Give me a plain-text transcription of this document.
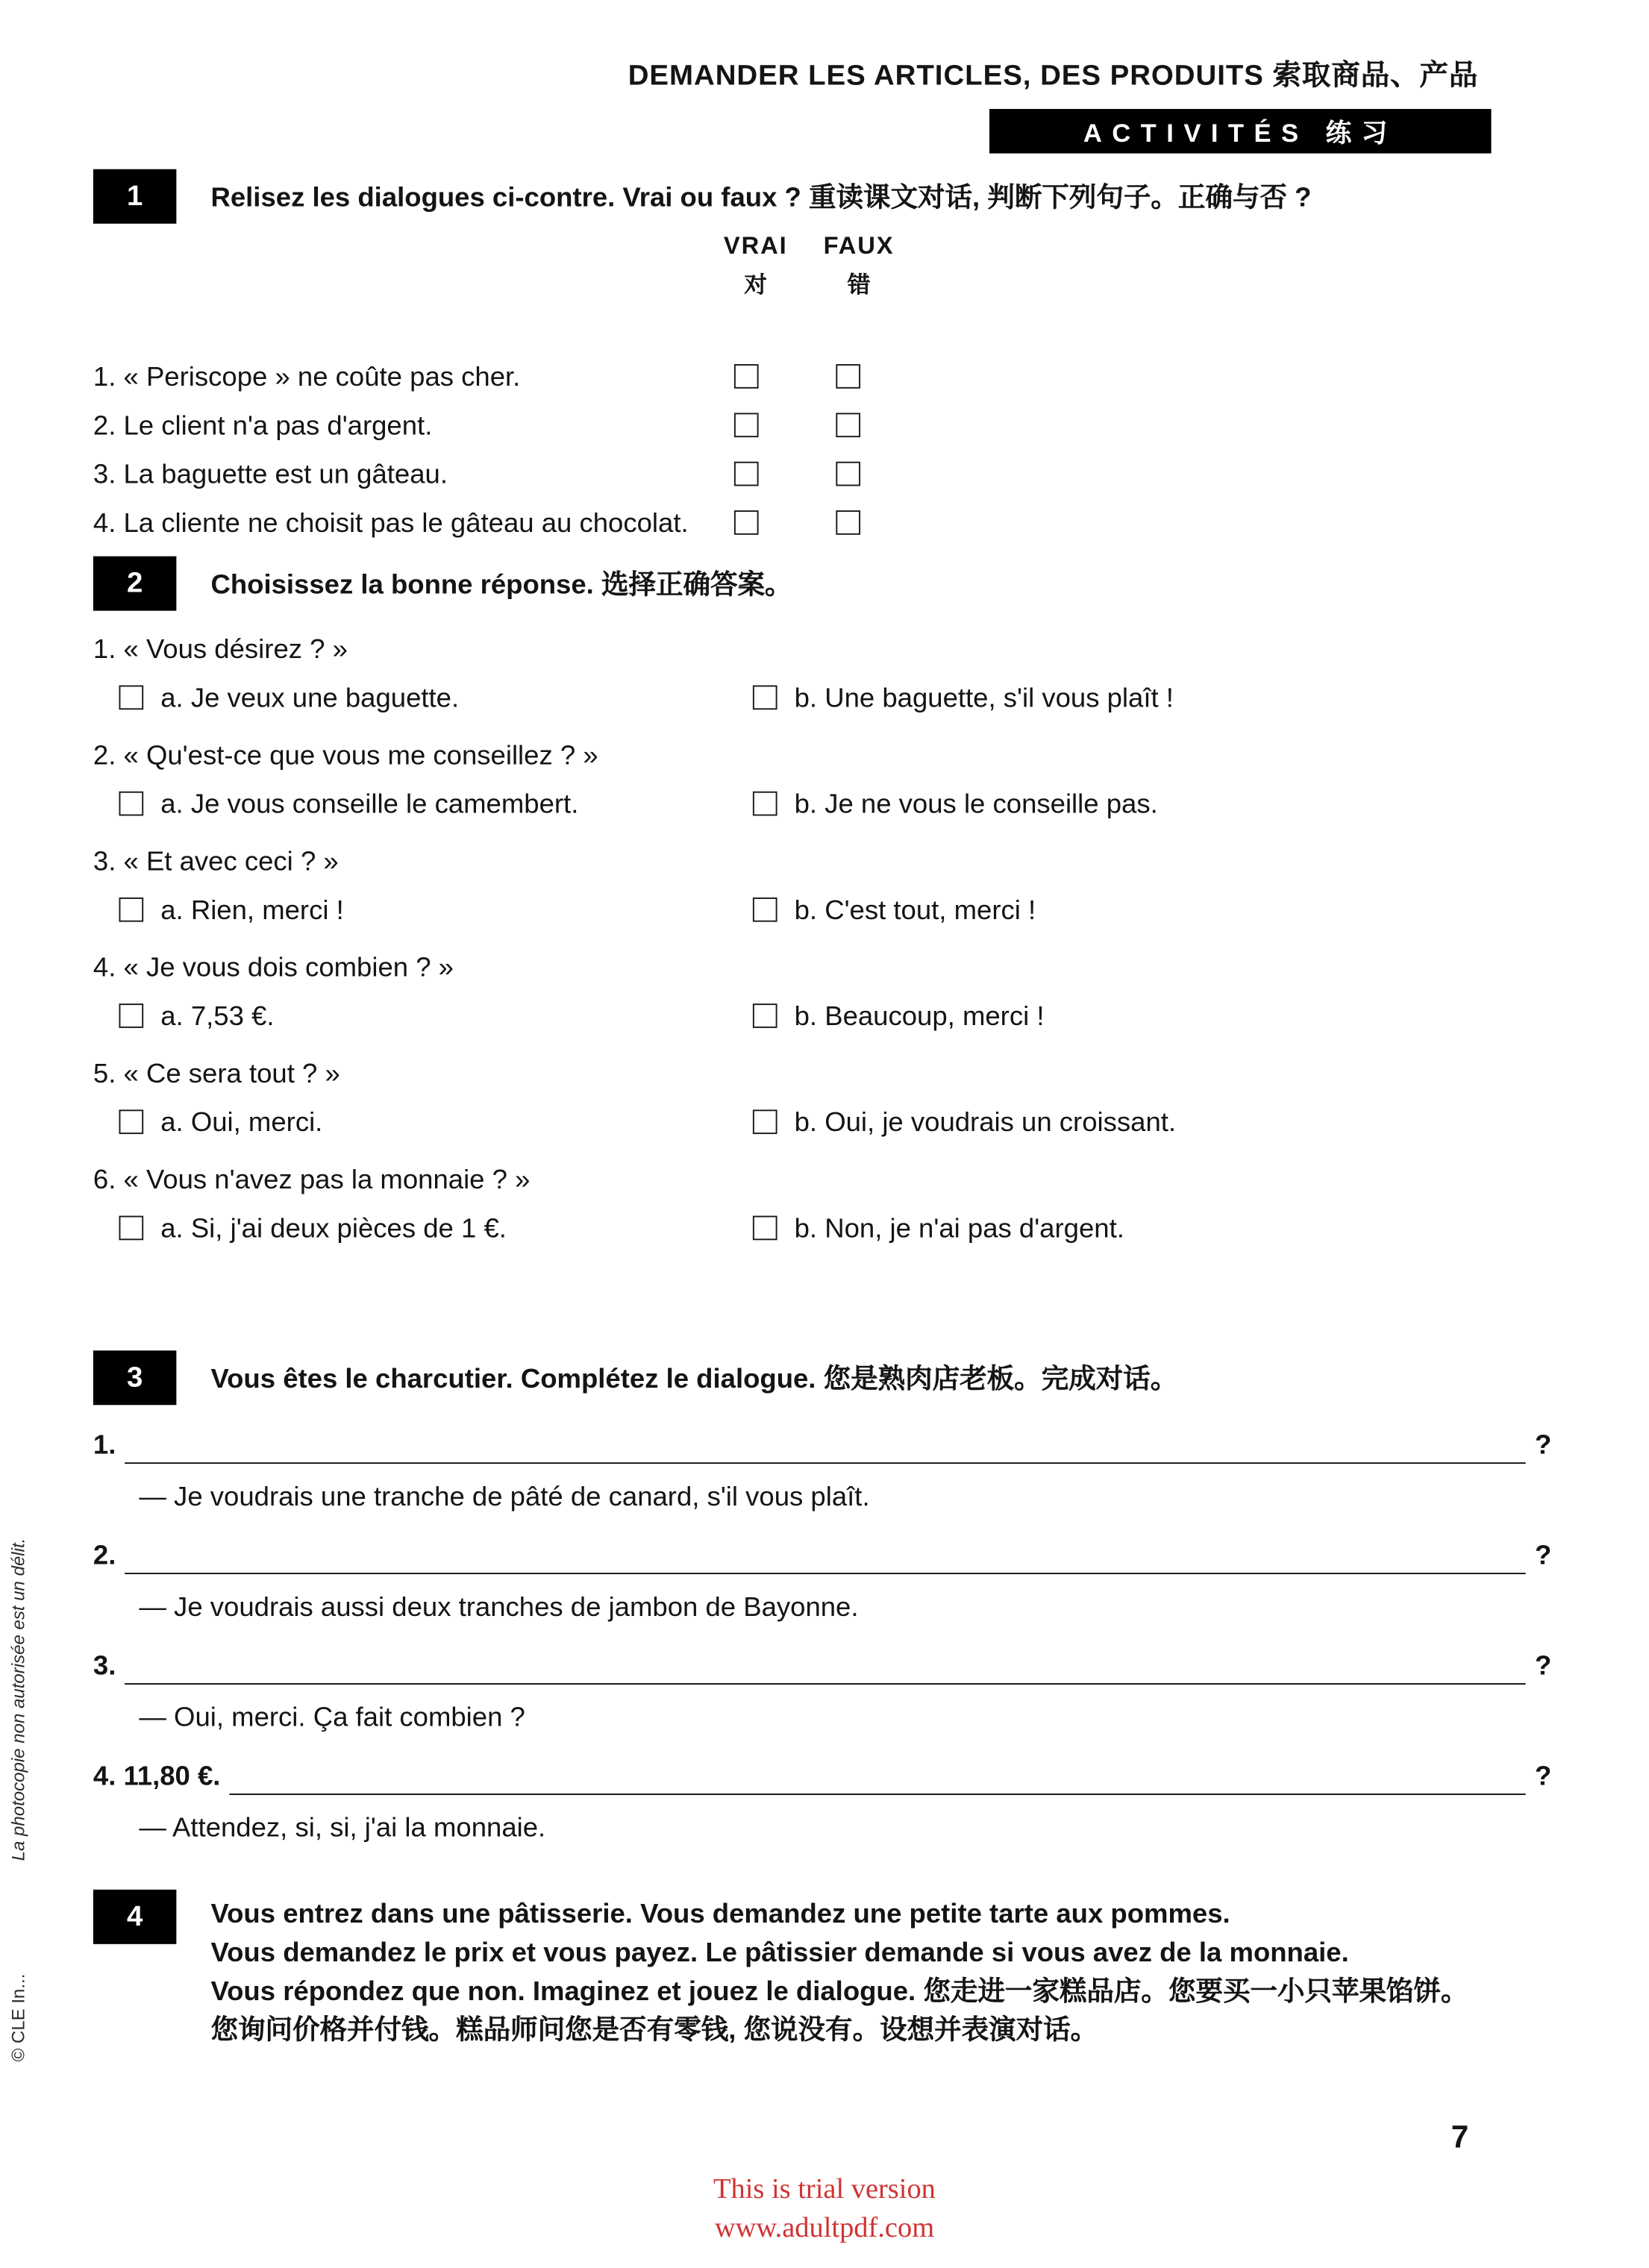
DEMANDER LES ARTICLES, DES PRODUITS 索取商品、产品
ACTIVITÉS 练习
1	Relisez les dialogues ci-contre. Vrai ou faux ? 重读课文对话, 判断下列句子。正确与否 ?
VRAI
对
FAUX
错
1. « Periscope » ne coûte pas cher.
2. Le client n'a pas d'argent.
3. La baguette est un gâteau.
4. La cliente ne choisit pas le gâteau au chocolat.
2	Choisissez la bonne réponse. 选择正确答案。
1. « Vous désirez ? »
a. Je veux une baguette.	b. Une baguette, s'il vous plaît !
2. « Qu'est-ce que vous me conseillez ? »
a. Je vous conseille le camembert.	b. Je ne vous le conseille pas.
3. « Et avec ceci ? »
a. Rien, merci !	b. C'est tout, merci !
4. « Je vous dois combien ? »
a. 7,53 €.	b. Beaucoup, merci !
5. « Ce sera tout ? »
a. Oui, merci.	b. Oui, je voudrais un croissant.
6. « Vous n'avez pas la monnaie ? »
a. Si, j'ai deux pièces de 1 €.	b. Non, je n'ai pas d'argent.
3	Vous êtes le charcutier. Complétez le dialogue. 您是熟肉店老板。完成对话。
1.	?
— Je voudrais une tranche de pâté de canard, s'il vous plaît.
2.	?
— Je voudrais aussi deux tranches de jambon de Bayonne.
3.	?
— Oui, merci. Ça fait combien ?
4. 11,80 €.	?
— Attendez, si, si, j'ai la monnaie.
4	Vous entrez dans une pâtisserie. Vous demandez une petite tarte aux pommes.
Vous demandez le prix et vous payez. Le pâtissier demande si vous avez de la monnaie.
Vous répondez que non. Imaginez et jouez le dialogue. 您走进一家糕品店。您要买一小只苹果馅饼。
您询问价格并付钱。糕品师问您是否有零钱, 您说没有。设想并表演对话。
La photocopie non autorisée est un délit.
© CLE In...
7
This is trial version
www.adultpdf.com
